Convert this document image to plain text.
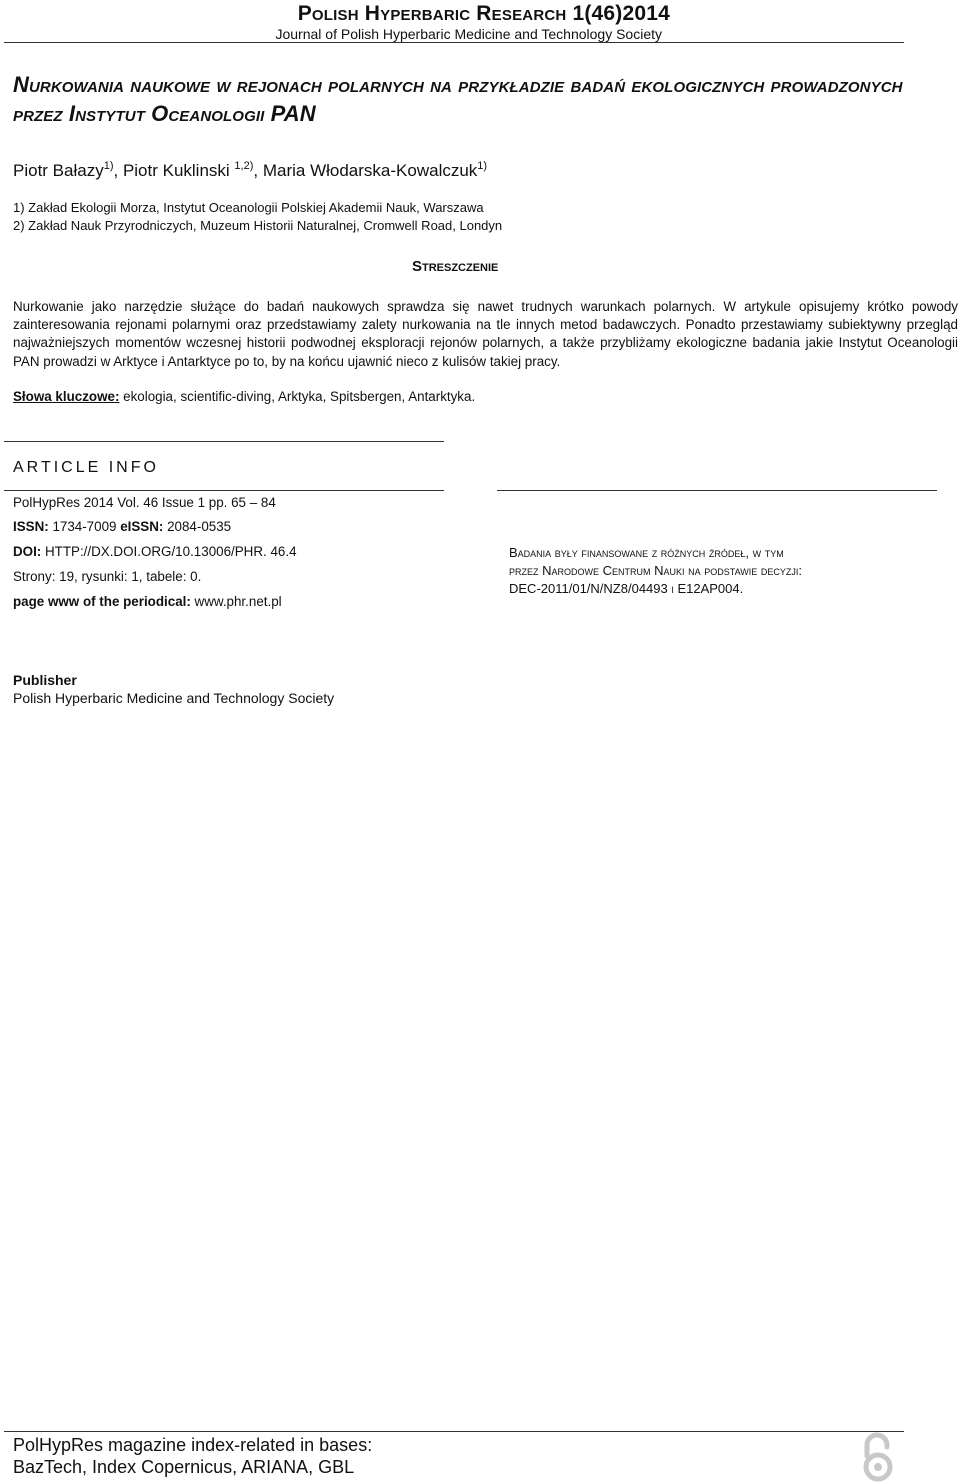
Polish Hyperbaric Research 1(46)2014
Journal of Polish Hyperbaric Medicine and Technology Society
Nurkowania naukowe w rejonach polarnych na przykładzie badań ekologicznych prowadzonych przez Instytut Oceanologii PAN
Piotr Bałazy$^{1)}$, Piotr Kuklinski $^{1,2)}$, Maria Włodarska-Kowalczuk$^{1)}$
1) Zakład Ekologii Morza, Instytut Oceanologii Polskiej Akademii Nauk, Warszawa
2) Zakład Nauk Przyrodniczych, Muzeum Historii Naturalnej, Cromwell Road, Londyn
Streszczenie
Nurkowanie jako narzędzie służące do badań naukowych sprawdza się nawet trudnych warunkach polarnych. W artykule opisujemy krótko powody zainteresowania rejonami polarnymi oraz przedstawiamy zalety nurkowania na tle innych metod badawczych. Ponadto przestawiamy subiektywny przegląd najważniejszych momentów wczesnej historii podwodnej eksploracji rejonów polarnych, a także przybliżamy ekologiczne badania jakie Instytut Oceanologii PAN prowadzi w Arktyce i Antarktyce po to, by na końcu ujawnić nieco z kulisów takiej pracy.
Słowa kluczowe: ekologia, scientific-diving, Arktyka, Spitsbergen, Antarktyka.
ARTICLE INFO
PolHypRes 2014 Vol. 46 Issue 1 pp. 65 – 84
ISSN: 1734-7009 eISSN: 2084-0535
DOI: HTTP://DX.DOI.ORG/10.13006/PHR. 46.4
Strony: 19, rysunki: 1, tabele: 0.
page www of the periodical: www.phr.net.pl
Badania były finansowane z różnych źródeł, w tym
przez Narodowe Centrum Nauki na podstawie decyzji:
DEC-2011/01/N/NZ8/04493 i E12AP004.
Publisher
Polish Hyperbaric Medicine and Technology Society
PolHypRes magazine index-related in bases:
BazTech, Index Copernicus, ARIANA, GBL
